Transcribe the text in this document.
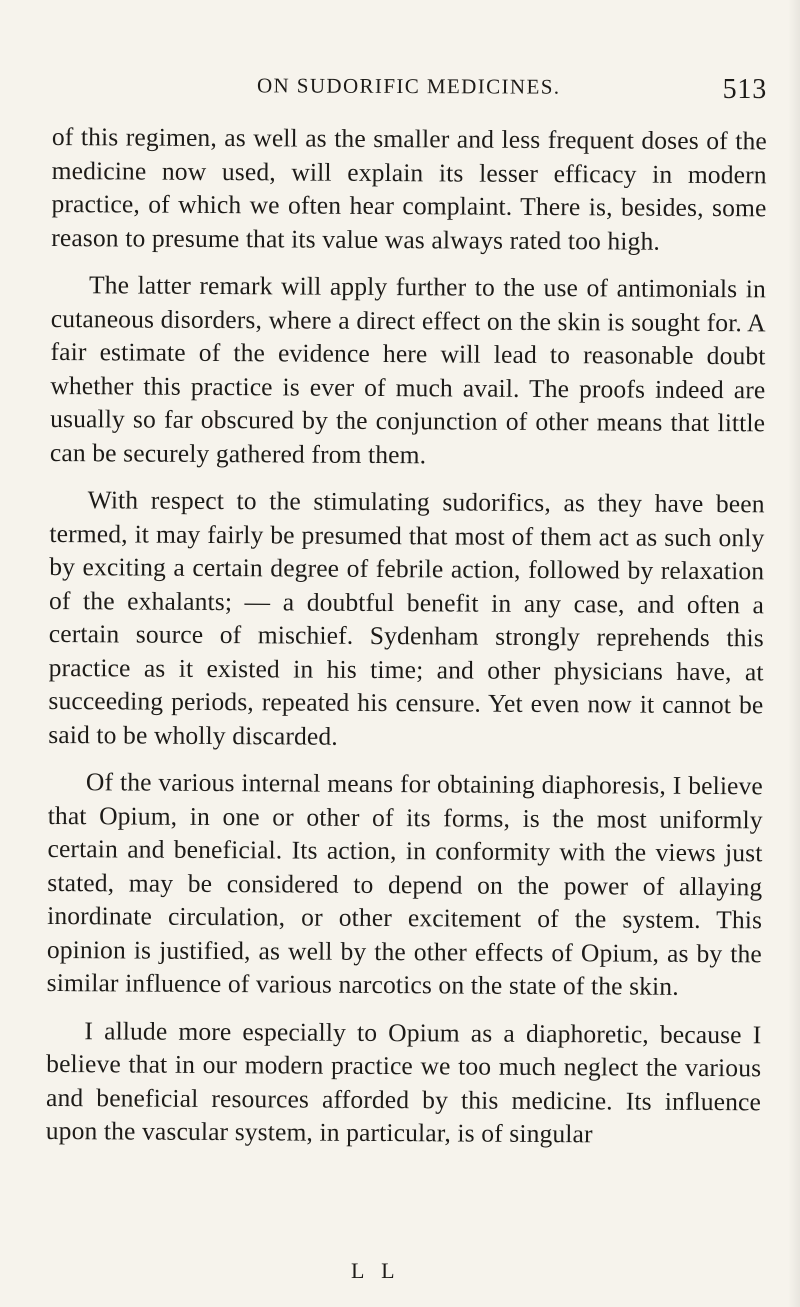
ON SUDORIFIC MEDICINES.	513

of this regimen, as well as the smaller and less frequent doses of the medicine now used, will explain its lesser efficacy in modern practice, of which we often hear complaint. There is, besides, some reason to presume that its value was always rated too high.

The latter remark will apply further to the use of antimonials in cutaneous disorders, where a direct effect on the skin is sought for. A fair estimate of the evidence here will lead to reasonable doubt whether this practice is ever of much avail. The proofs indeed are usually so far obscured by the conjunction of other means that little can be securely gathered from them.

With respect to the stimulating sudorifics, as they have been termed, it may fairly be presumed that most of them act as such only by exciting a certain degree of febrile action, followed by relaxation of the exhalants; — a doubtful benefit in any case, and often a certain source of mischief. Sydenham strongly reprehends this practice as it existed in his time; and other physicians have, at succeeding periods, repeated his censure. Yet even now it cannot be said to be wholly discarded.

Of the various internal means for obtaining diaphoresis, I believe that Opium, in one or other of its forms, is the most uniformly certain and beneficial. Its action, in conformity with the views just stated, may be considered to depend on the power of allaying inordinate circulation, or other excitement of the system. This opinion is justified, as well by the other effects of Opium, as by the similar influence of various narcotics on the state of the skin.

I allude more especially to Opium as a diaphoretic, because I believe that in our modern practice we too much neglect the various and beneficial resources afforded by this medicine. Its influence upon the vascular system, in particular, is of singular

L L
